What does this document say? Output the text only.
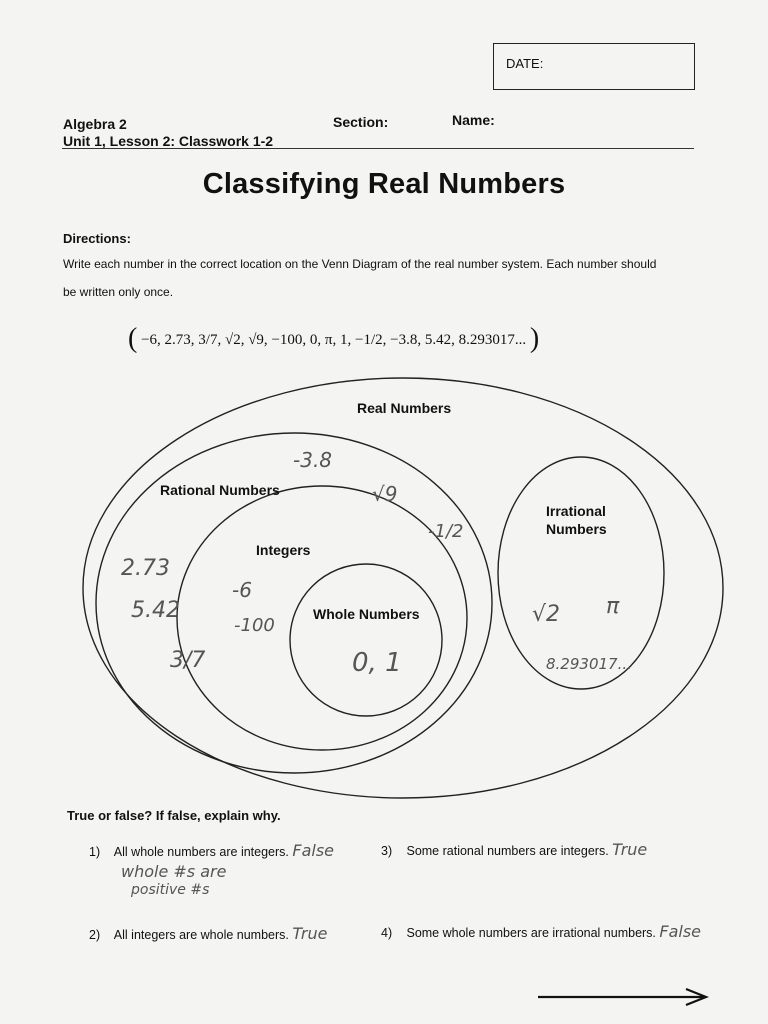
DATE:
Algebra 2
Unit 1, Lesson 2: Classwork 1-2
Section:	Name:
Classifying Real Numbers
Directions:
Write each number in the correct location on the Venn Diagram of the real number system. Each number should be written only once.
( −6, 2.73, 3/7, √2, √9, −100, 0, π, 1, −1/2, −3.8, 5.42, 8.293017... )
Real Numbers
Rational Numbers
Integers
Whole Numbers
Irrational
Numbers
-3.8
√9
-1/2
2.73
5.42
3/7
-6
-100
0, 1
√2 π
8.293017...
True or false? If false, explain why.
1) All whole numbers are integers. False
whole #s are
positive #s
2) All integers are whole numbers. True
3) Some rational numbers are integers. True
4) Some whole numbers are irrational numbers. False
